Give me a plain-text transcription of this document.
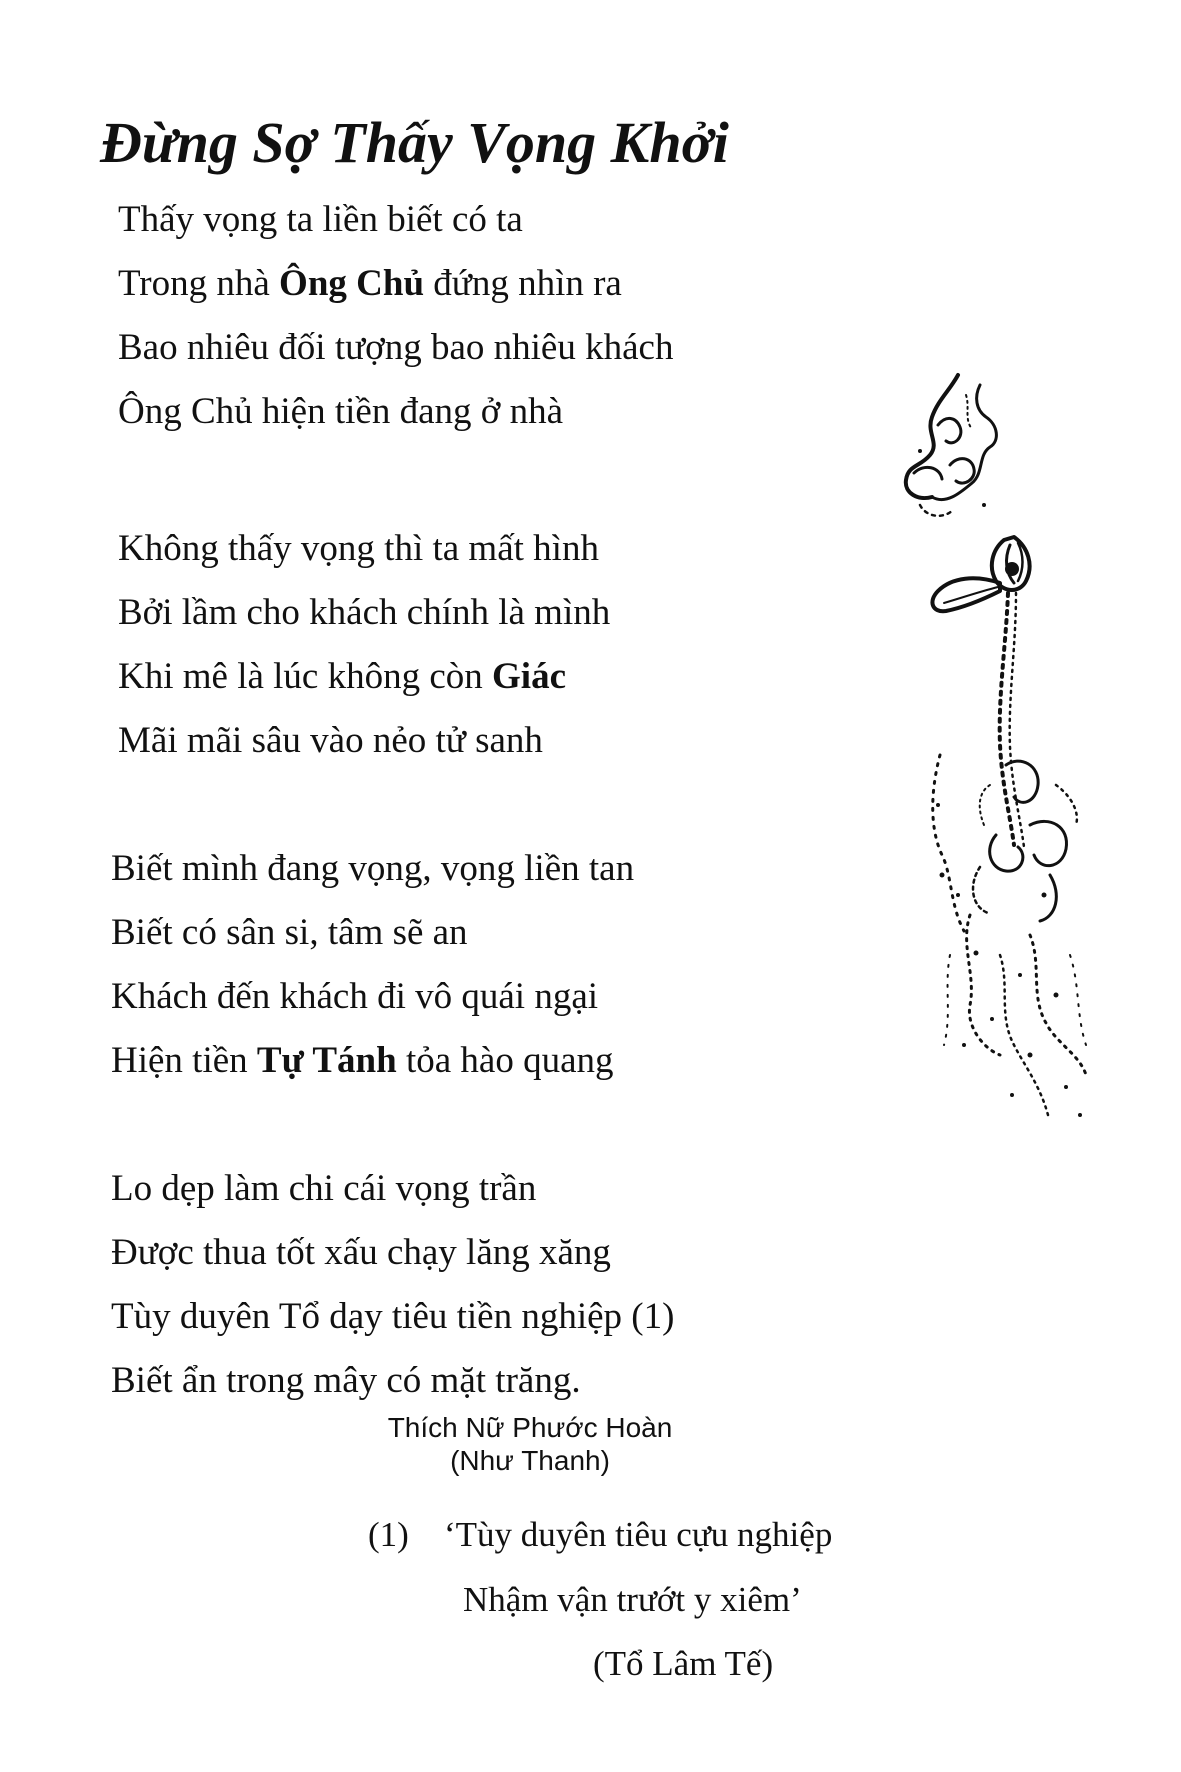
Đừng Sợ Thấy Vọng Khởi
Thấy vọng ta liền biết có ta
Trong nhà Ông Chủ đứng nhìn ra
Bao nhiêu đối tượng bao nhiêu khách
Ông Chủ hiện tiền đang ở nhà
Không thấy vọng thì ta mất hình
Bởi lầm cho khách chính là mình
Khi mê là lúc không còn Giác
Mãi mãi sâu vào nẻo tử sanh
Biết mình đang vọng, vọng liền tan
Biết có sân si, tâm sẽ an
Khách đến khách đi vô quái ngại
Hiện tiền Tự Tánh tỏa hào quang
Lo dẹp làm chi cái vọng trần
Được thua tốt xấu chạy lăng xăng
Tùy duyên Tổ dạy tiêu tiền nghiệp (1)
Biết ẩn trong mây có mặt trăng.
Thích Nữ Phước Hoàn
(Như Thanh)
(1) ‘Tùy duyên tiêu cựu nghiệp
Nhậm vận trướt y xiêm’
(Tổ Lâm Tế)
